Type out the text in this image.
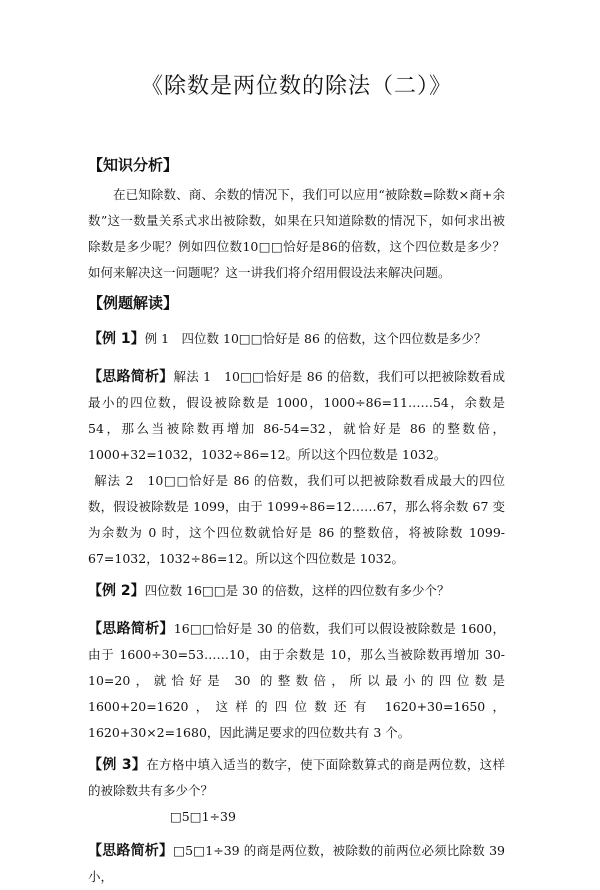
《除数是两位数的除法（二）》
【知识分析】

在已知除数、商、余数的情况下，我们可以应用“被除数=除数×商+余数”这一数量关系式求出被除数，如果在只知道除数的情况下，如何求出被除数是多少呢？例如四位数10□□恰好是86的倍数，这个四位数是多少？如何来解决这一问题呢？这一讲我们将介绍用假设法来解决问题。

【例题解读】

【例 1】例 1　四位数 10□□恰好是 86 的倍数，这个四位数是多少？

【思路简析】解法 1　10□□恰好是 86 的倍数，我们可以把被除数看成最小的四位数，假设被除数是 1000，1000÷86=11……54，余数是 54，那么当被除数再增加 86-54=32，就恰好是 86 的整数倍，1000+32=1032，1032÷86=12。所以这个四位数是 1032。

解法 2　10□□恰好是 86 的倍数，我们可以把被除数看成最大的四位数，假设被除数是 1099，由于 1099÷86=12……67，那么将余数 67 变为余数为 0 时，这个四位数就恰好是 86 的整数倍，将被除数 1099-67=1032，1032÷86=12。所以这个四位数是 1032。

【例 2】四位数 16□□是 30 的倍数，这样的四位数有多少个？

【思路简析】16□□恰好是 30 的倍数，我们可以假设被除数是 1600，由于 1600÷30=53……10，由于余数是 10，那么当被除数再增加 30-10=20，就恰好是 30 的整数倍，所以最小的四位数是 1600+20=1620，这样的四位数还有 1620+30=1650，1620+30×2=1680，因此满足要求的四位数共有 3 个。

【例 3】在方格中填入适当的数字，使下面除数算式的商是两位数，这样的被除数共有多少个？

□5□1÷39

【思路简析】□5□1÷39 的商是两位数，被除数的前两位必须比除数 39 小，
